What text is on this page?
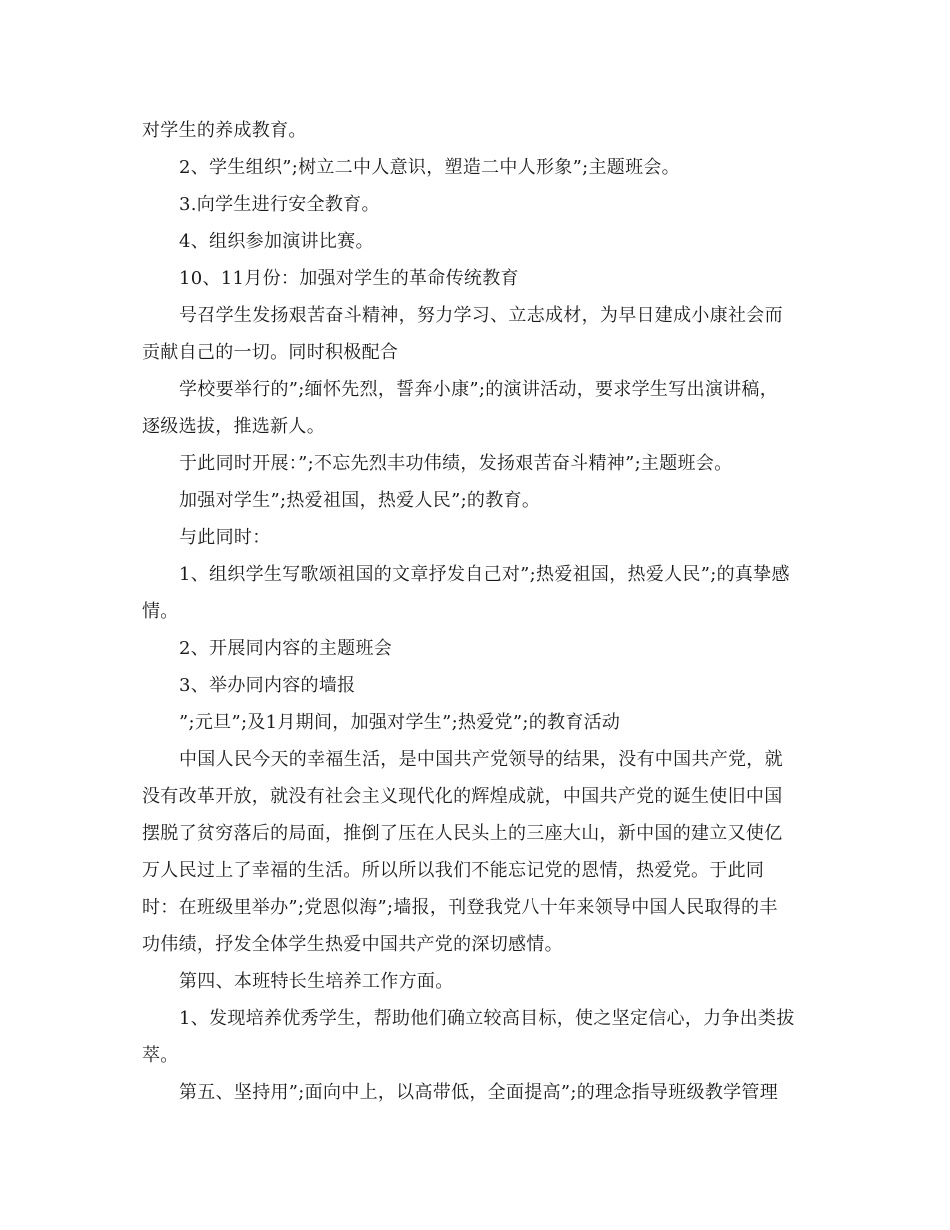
对学生的养成教育。
2、学生组织”;树立二中人意识，塑造二中人形象”;主题班会。
3.向学生进行安全教育。
4、组织参加演讲比赛。
10、11月份：加强对学生的革命传统教育
号召学生发扬艰苦奋斗精神，努力学习、立志成材，为早日建成小康社会而
贡献自己的一切。同时积极配合
学校要举行的”;缅怀先烈，誓奔小康”;的演讲活动，要求学生写出演讲稿，
逐级选拔，推选新人。
于此同时开展：”;不忘先烈丰功伟绩，发扬艰苦奋斗精神”;主题班会。
加强对学生”;热爱祖国，热爱人民”;的教育。
与此同时：
1、组织学生写歌颂祖国的文章抒发自己对”;热爱祖国，热爱人民”;的真挚感
情。
2、开展同内容的主题班会
3、举办同内容的墙报
”;元旦”;及1月期间，加强对学生”;热爱党”;的教育活动
中国人民今天的幸福生活，是中国共产党领导的结果，没有中国共产党，就
没有改革开放，就没有社会主义现代化的辉煌成就，中国共产党的诞生使旧中国
摆脱了贫穷落后的局面，推倒了压在人民头上的三座大山，新中国的建立又使亿
万人民过上了幸福的生活。所以所以我们不能忘记党的恩情，热爱党。于此同
时：在班级里举办”;党恩似海”;墙报，刊登我党八十年来领导中国人民取得的丰
功伟绩，抒发全体学生热爱中国共产党的深切感情。
第四、本班特长生培养工作方面。
1、发现培养优秀学生，帮助他们确立较高目标，使之坚定信心，力争出类拔
萃。
第五、坚持用”;面向中上，以高带低，全面提高”;的理念指导班级教学管理
